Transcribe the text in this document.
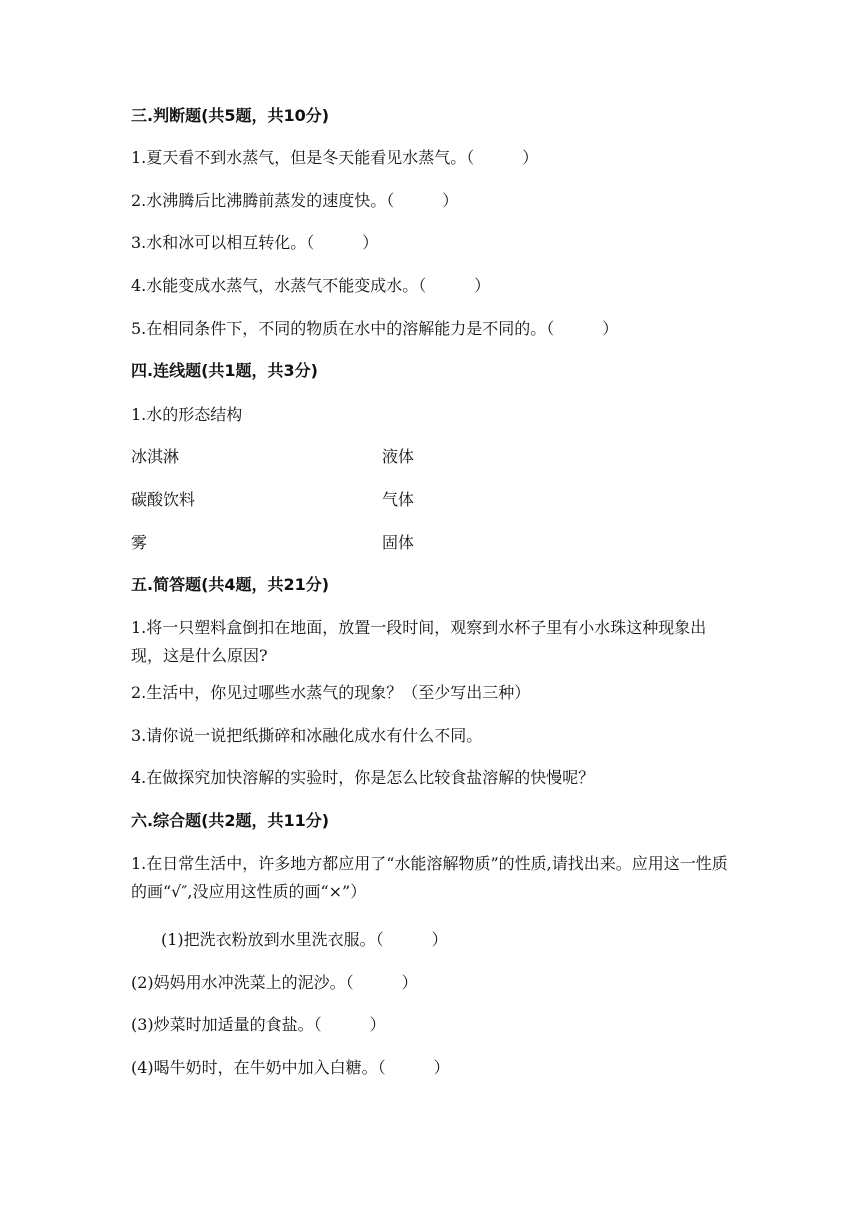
三.判断题(共5题，共10分)
1.夏天看不到水蒸气，但是冬天能看见水蒸气。（　　　）
2.水沸腾后比沸腾前蒸发的速度快。（　　　）
3.水和冰可以相互转化。（　　　）
4.水能变成水蒸气，水蒸气不能变成水。（　　　）
5.在相同条件下，不同的物质在水中的溶解能力是不同的。（　　　）
四.连线题(共1题，共3分)
1.水的形态结构
冰淇淋	液体
碳酸饮料	气体
雾	固体
五.简答题(共4题，共21分)
1.将一只塑料盒倒扣在地面，放置一段时间，观察到水杯子里有小水珠这种现象出现，这是什么原因?
2.生活中，你见过哪些水蒸气的现象？（至少写出三种）
3.请你说一说把纸撕碎和冰融化成水有什么不同。
4.在做探究加快溶解的实验时，你是怎么比较食盐溶解的快慢呢？
六.综合题(共2题，共11分)
1.在日常生活中，许多地方都应用了“水能溶解物质”的性质,请找出来。应用这一性质的画“√″,没应用这性质的画“×”）
(1)把洗衣粉放到水里洗衣服。（　　　）
(2)妈妈用水冲洗菜上的泥沙。（　　　）
(3)炒菜时加适量的食盐。（　　　）
(4)喝牛奶时，在牛奶中加入白糖。（　　　）
